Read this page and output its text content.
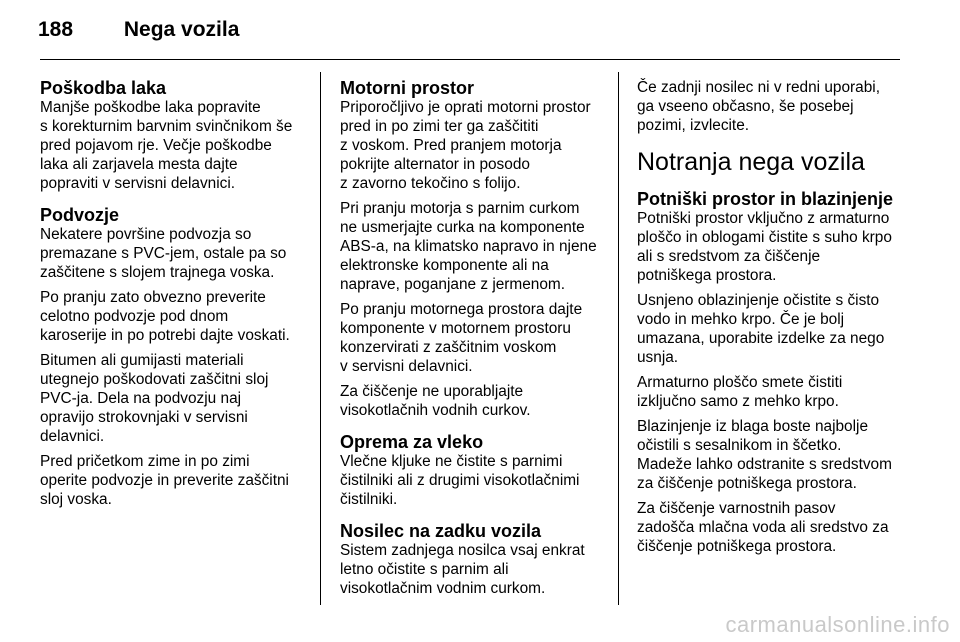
188 Nega vozila
Poškodba laka

Manjše poškodbe laka popravite
s korekturnim barvnim svinčnikom še
pred pojavom rje. Večje poškodbe
laka ali zarjavela mesta dajte
popraviti v servisni delavnici.

Podvozje

Nekatere površine podvozja so
premazane s PVC-jem, ostale pa so
zaščitene s slojem trajnega voska.

Po pranju zato obvezno preverite
celotno podvozje pod dnom
karoserije in po potrebi dajte voskati.

Bitumen ali gumijasti materiali
utegnejo poškodovati zaščitni sloj
PVC-ja. Dela na podvozju naj
opravijo strokovnjaki v servisni
delavnici.

Pred pričetkom zime in po zimi
operite podvozje in preverite zaščitni
sloj voska.

Motorni prostor

Priporočljivo je oprati motorni prostor
pred in po zimi ter ga zaščititi
z voskom. Pred pranjem motorja
pokrijte alternator in posodo
z zavorno tekočino s folijo.

Pri pranju motorja s parnim curkom
ne usmerjajte curka na komponente
ABS-a, na klimatsko napravo in njene
elektronske komponente ali na
naprave, poganjane z jermenom.

Po pranju motornega prostora dajte
komponente v motornem prostoru
konzervirati z zaščitnim voskom
v servisni delavnici.

Za čiščenje ne uporabljajte
visokotlačnih vodnih curkov.

Oprema za vleko

Vlečne kljuke ne čistite s parnimi
čistilniki ali z drugimi visokotlačnimi
čistilniki.

Nosilec na zadku vozila

Sistem zadnjega nosilca vsaj enkrat
letno očistite s parnim ali
visokotlačnim vodnim curkom.

Če zadnji nosilec ni v redni uporabi,
ga vseeno občasno, še posebej
pozimi, izvlecite.

Notranja nega vozila
Potniški prostor in blazinjenje

Potniški prostor vključno z armaturno
ploščo in oblogami čistite s suho krpo
ali s sredstvom za čiščenje
potniškega prostora.

Usnjeno oblazinjenje očistite s čisto
vodo in mehko krpo. Če je bolj
umazana, uporabite izdelke za nego
usnja.

Armaturno ploščo smete čistiti
izključno samo z mehko krpo.

Blazinjenje iz blaga boste najbolje
očistili s sesalnikom in ščetko.
Madeže lahko odstranite s sredstvom
za čiščenje potniškega prostora.

Za čiščenje varnostnih pasov
zadošča mlačna voda ali sredstvo za
čiščenje potniškega prostora.

carmanualsonline.info
